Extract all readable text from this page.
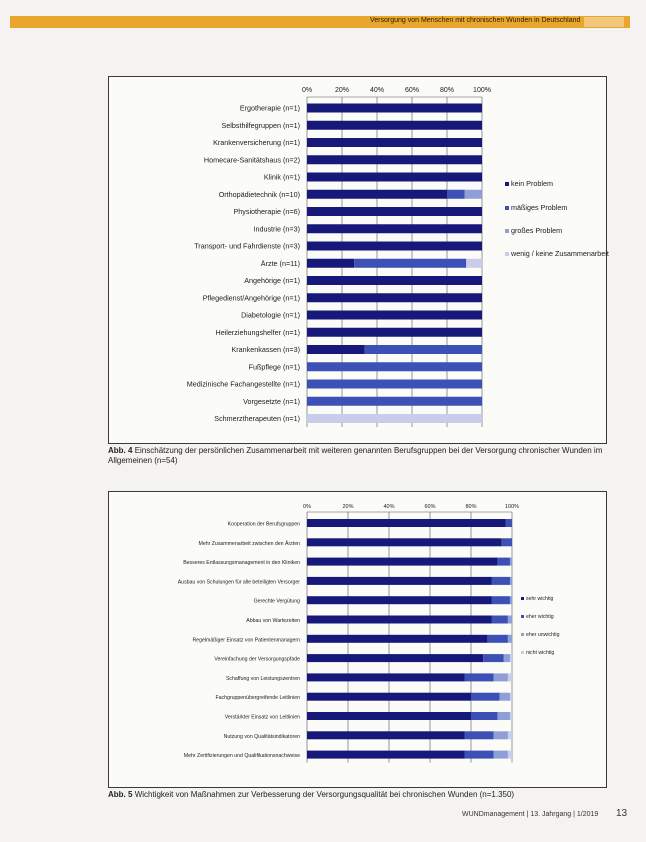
Versorgung von Menschen mit chronischen Wunden in Deutschland
0%	20%	40%	60%	80%	100%
Ergotherapie (n=1)
Selbsthilfegruppen (n=1)
Krankenversicherung (n=1)
Homecare-Sanitätshaus (n=2)
Klinik (n=1)
Orthopädietechnik (n=10)
Physiotherapie (n=6)
Industrie (n=3)
Transport- und Fahrdienste (n=3)
Ärzte (n=11)
Angehörige (n=1)
Pflegedienst/Angehörige (n=1)
Diabetologie (n=1)
Heilerziehungshelfer (n=1)
Krankenkassen (n=3)
Fußpflege (n=1)
Medizinische Fachangestellte (n=1)
Vorgesetzte (n=1)
Schmerztherapeuten (n=1)
kein Problem
mäßiges Problem
großes Problem
wenig / keine Zusammenarbeit
0%	20%	40%	60%	80%	100%
Kooperation der Berufsgruppen
Mehr Zusammenarbeit zwischen den Ärzten
Besseres Entlassungsmanagement in den Kliniken
Ausbau von Schulungen für alle beteiligten Versorger
Gerechte Vergütung
Abbau von Wartezeiten
Regelmäßiger Einsatz von Patientenmanagern
Vereinfachung der Versorgungspfade
Schaffung von Leistungszentren
Fachgruppenübergreifende Leitlinien
Verstärkter Einsatz von Leitlinien
Nutzung von Qualitätsindikatoren
Mehr Zertifizierungen und Qualifikationsnachweise
sehr wichtig
eher wichtig
eher unwichtig
nicht wichtig
Abb. 4 Einschätzung der persönlichen Zusammenarbeit mit weiteren genannten Berufsgruppen bei der Versorgung chronischer Wunden im Allgemeinen (n=54)
Abb. 5 Wichtigkeit von Maßnahmen zur Verbesserung der Versorgungsqualität bei chronischen Wunden (n=1.350)
WUNDmanagement | 13. Jahrgang | 1/2019 13
